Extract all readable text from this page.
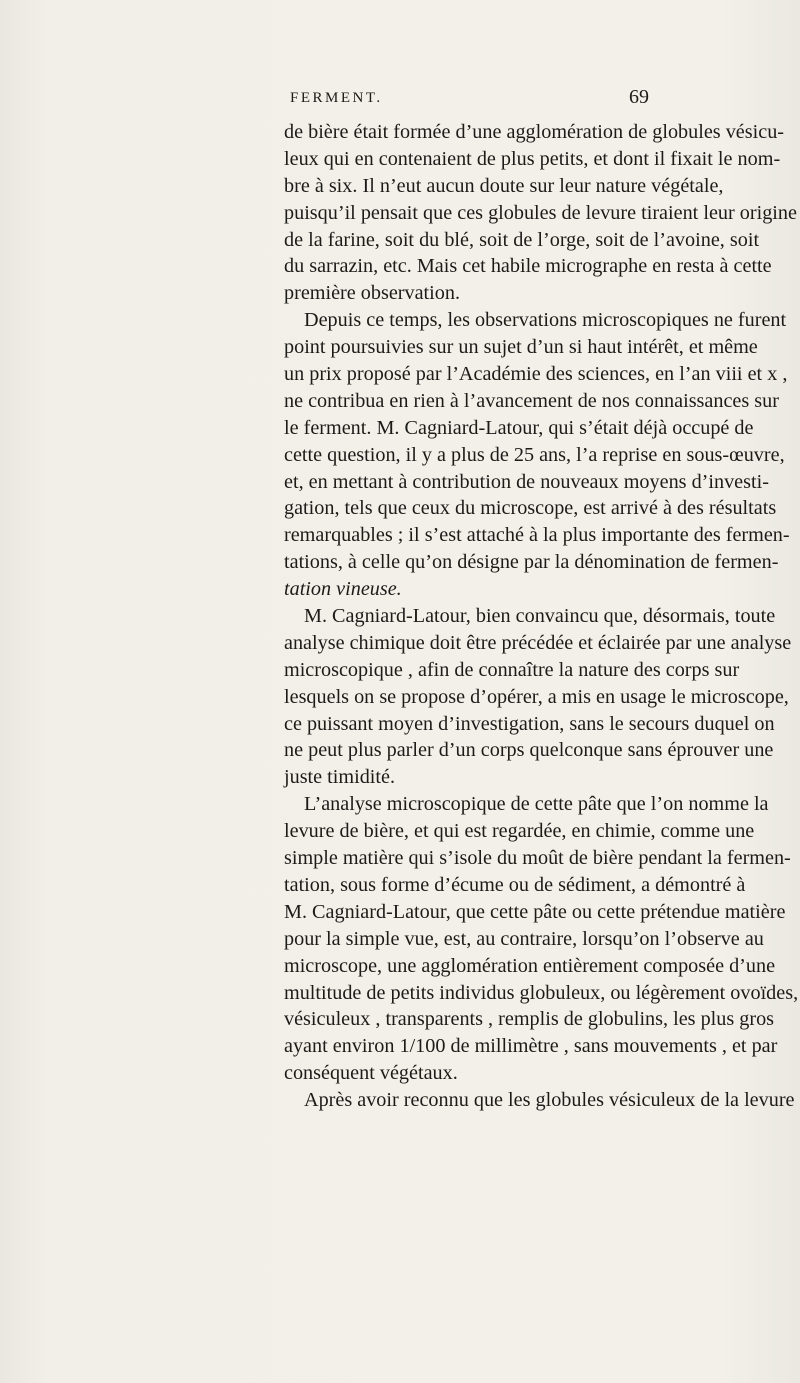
FERMENT.	69
de bière était formée d’une agglomération de globules vésicu-
leux qui en contenaient de plus petits, et dont il fixait le nom-
bre à six. Il n’eut aucun doute sur leur nature végétale,
puisqu’il pensait que ces globules de levure tiraient leur origine
de la farine, soit du blé, soit de l’orge, soit de l’avoine, soit
du sarrazin, etc. Mais cet habile micrographe en resta à cette
première observation.
Depuis ce temps, les observations microscopiques ne furent
point poursuivies sur un sujet d’un si haut intérêt, et même
un prix proposé par l’Académie des sciences, en l’an viii et x ,
ne contribua en rien à l’avancement de nos connaissances sur
le ferment. M. Cagniard-Latour, qui s’était déjà occupé de
cette question, il y a plus de 25 ans, l’a reprise en sous-œuvre,
et, en mettant à contribution de nouveaux moyens d’investi-
gation, tels que ceux du microscope, est arrivé à des résultats
remarquables ; il s’est attaché à la plus importante des fermen-
tations, à celle qu’on désigne par la dénomination de fermen-
tation vineuse.
M. Cagniard-Latour, bien convaincu que, désormais, toute
analyse chimique doit être précédée et éclairée par une analyse
microscopique , afin de connaître la nature des corps sur
lesquels on se propose d’opérer, a mis en usage le microscope,
ce puissant moyen d’investigation, sans le secours duquel on
ne peut plus parler d’un corps quelconque sans éprouver une
juste timidité.
L’analyse microscopique de cette pâte que l’on nomme la
levure de bière, et qui est regardée, en chimie, comme une
simple matière qui s’isole du moût de bière pendant la fermen-
tation, sous forme d’écume ou de sédiment, a démontré à
M. Cagniard-Latour, que cette pâte ou cette prétendue matière
pour la simple vue, est, au contraire, lorsqu’on l’observe au
microscope, une agglomération entièrement composée d’une
multitude de petits individus globuleux, ou légèrement ovoïdes,
vésiculeux , transparents , remplis de globulins, les plus gros
ayant environ 1/100 de millimètre , sans mouvements , et par
conséquent végétaux.
Après avoir reconnu que les globules vésiculeux de la levure
